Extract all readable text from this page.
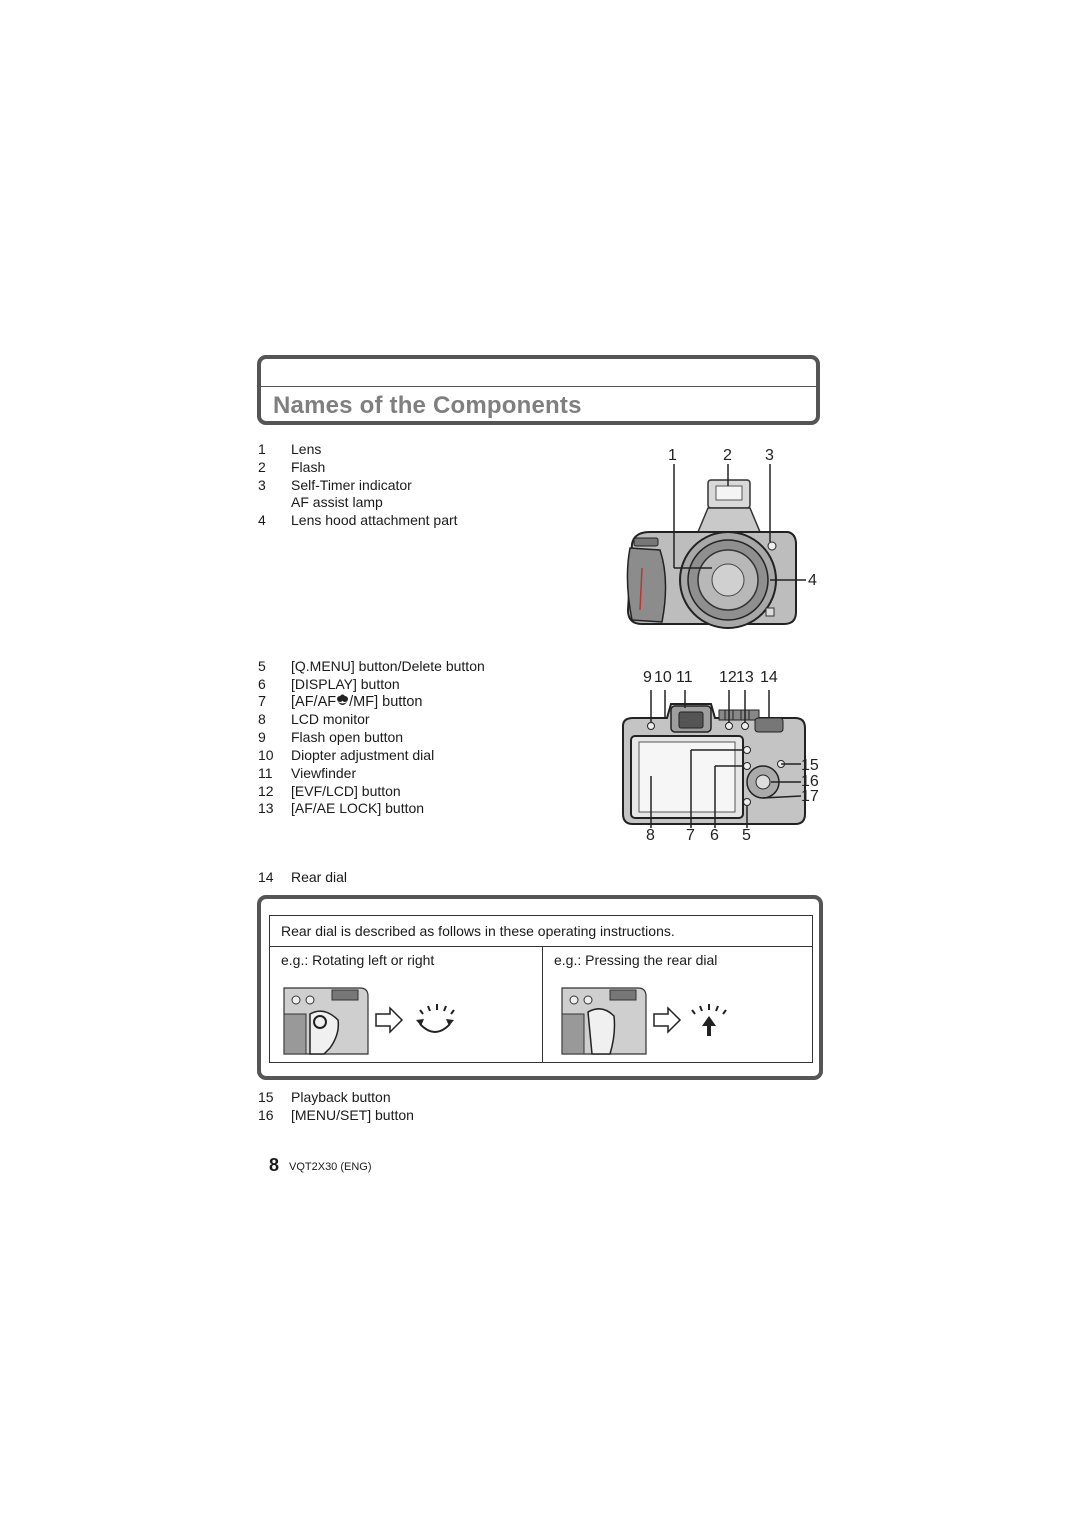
Names of the Components
1 Lens
2 Flash
3 Self-Timer indicator
AF assist lamp
4 Lens hood attachment part
1	2 3
4
5 [Q.MENU] button/Delete button
6 [DISPLAY] button
7 [AF/AF /MF] button
8 LCD monitor
9 Flash open button
10 Diopter adjustment dial
11 Viewfinder
12 [EVF/LCD] button
13 [AF/AE LOCK] button
9 10 11 12 13 14
15
16
17
8 7 6 5
14 Rear dial
Rear dial is described as follows in these operating instructions.
e.g.: Rotating left or right	e.g.: Pressing the rear dial
15 Playback button
16 [MENU/SET] button
8 VQT2X30 (ENG)
